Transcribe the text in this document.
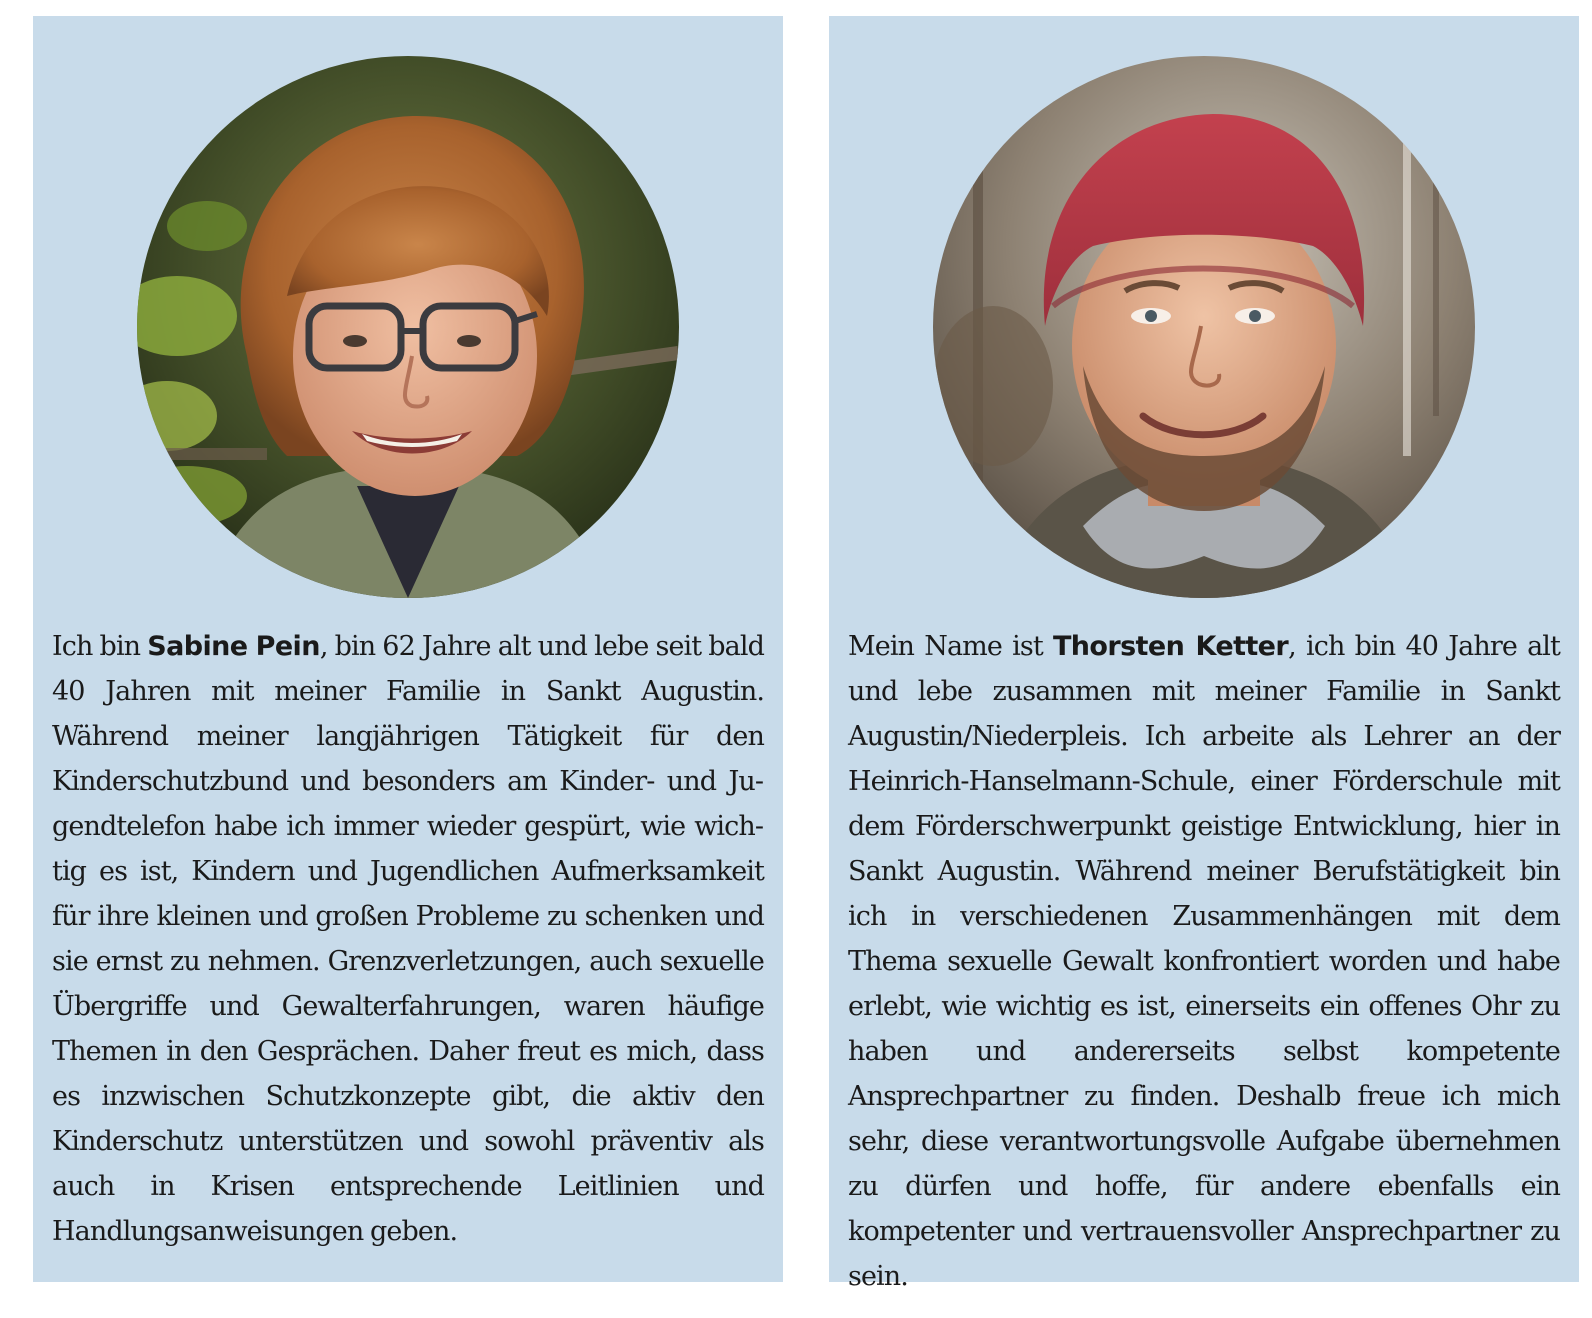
Ich bin Sabine Pein, bin 62 Jahre alt und lebe seit bald 40 Jahren mit meiner Familie in Sankt Augustin. Während meiner langjährigen Tätigkeit für den Kinderschutzbund und besonders am Kinder- und Jugendtelefon habe ich immer wieder gespürt, wie wichtig es ist, Kindern und Jugendlichen Aufmerksamkeit für ihre kleinen und großen Probleme zu schenken und sie ernst zu nehmen. Grenzverletzungen, auch sexuelle Übergriffe und Gewalterfahrungen, waren häufige Themen in den Gesprächen. Daher freut es mich, dass es inzwischen Schutzkonzepte gibt, die aktiv den Kinderschutz unterstützen und sowohl präventiv als auch in Krisen entsprechende Leitlinien und Handlungsanweisungen geben.

Mein Name ist Thorsten Ketter, ich bin 40 Jahre alt und lebe zusammen mit meiner Familie in Sankt Augustin/Niederpleis. Ich arbeite als Lehrer an der Heinrich-Hanselmann-Schule, einer Förderschule mit dem Förderschwerpunkt geistige Entwicklung, hier in Sankt Augustin. Während meiner Berufstätigkeit bin ich in verschiedenen Zusammenhängen mit dem Thema sexuelle Gewalt konfrontiert worden und habe erlebt, wie wichtig es ist, einerseits ein offenes Ohr zu haben und andererseits selbst kompetente Ansprechpartner zu finden. Deshalb freue ich mich sehr, diese verantwortungsvolle Aufgabe übernehmen zu dürfen und hoffe, für andere ebenfalls ein kompetenter und vertrauensvoller Ansprechpartner zu sein.
